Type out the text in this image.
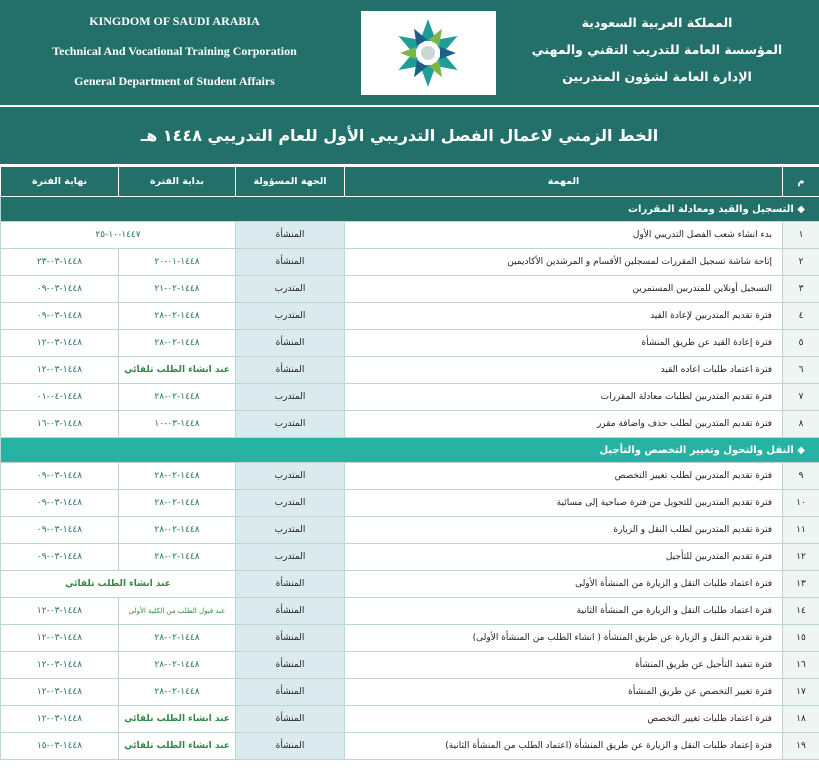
KINGDOM OF SAUDI ARABIA
Technical And Vocational Training Corporation
General Department of Student Affairs
المملكة العربية السعودية
المؤسسة العامة للتدريب التقني والمهني
الإدارة العامة لشؤون المتدربين
الخط الزمني لاعمال الفصل التدريبي الأول للعام التدريبي ١٤٤٨ هـ
نهاية الفترة	بداية الفترة	الجهة المسؤولة	المهمة	م
◆ التسجيل والقيد ومعادلة المقررات				
١٤٤٧-١٠-٢٥		المنشأة	بدء انشاء شعب الفصل التدريبي الأول	١
١٤٤٨-٠٣-٢٣	١٤٤٨-٠١-٢٠	المنشأة	إتاحة شاشة تسجيل المقررات لمسجلين الأقسام و المرشدين الأكاديمين	٢
١٤٤٨-٠٣-٠٩	١٤٤٨-٠٢-٢١	المتدرب	التسجيل أونلاين للمتدربين المستمرين	٣
١٤٤٨-٠٣-٠٩	١٤٤٨-٠٢-٢٨	المتدرب	فترة تقديم المتدربين لإعادة القيد	٤
١٤٤٨-٠٣-١٢	١٤٤٨-٠٢-٢٨	المنشأة	فترة إعادة القيد عن طريق المنشأة	٥
١٤٤٨-٠٣-١٢	عند انشاء الطلب تلقائي	المنشأة	فترة اعتماد طلبات اعاده القيد	٦
١٤٤٨-٠٤-٠١	١٤٤٨-٠٢-٢٨	المتدرب	فترة تقديم المتدربين لطلبات معادلة المقررات	٧
١٤٤٨-٠٣-١٦	١٤٤٨-٠٣-١٠	المتدرب	فترة تقديم المتدربين لطلب حذف واضافة مقرر	٨
◆ النقل والتحول وتغيير التخصص والتأجيل				
١٤٤٨-٠٣-٠٩	١٤٤٨-٠٢-٢٨	المتدرب	فترة تقديم المتدربين لطلب تغيير التخصص	٩
١٤٤٨-٠٣-٠٩	١٤٤٨-٠٢-٢٨	المتدرب	فترة تقديم المتدربين للتحويل من فترة صباحية إلى مسائية	١٠
١٤٤٨-٠٣-٠٩	١٤٤٨-٠٢-٢٨	المتدرب	فترة تقديم المتدربين لطلب النقل و الزيارة	١١
١٤٤٨-٠٣-٠٩	١٤٤٨-٠٢-٢٨	المتدرب	فترة تقديم المتدربين للتأجيل	١٢
عند انشاء الطلب تلقائي		المنشأة	فترة اعتماد طلبات النقل و الزيارة من المنشأة الأولى	١٣
١٤٤٨-٠٣-١٢	عند قبول الطلب من الكلية الأولى	المنشأة	فترة اعتماد طلبات النقل و الزيارة من المنشأة الثانية	١٤
١٤٤٨-٠٣-١٢	١٤٤٨-٠٢-٢٨	المنشأة	فترة تقديم النقل و الزيارة عن طريق المنشأة ( انشاء الطلب من المنشأة الأولى)	١٥
١٤٤٨-٠٣-١٢	١٤٤٨-٠٢-٢٨	المنشأة	فترة تنفيذ التأجيل عن طريق المنشأة	١٦
١٤٤٨-٠٣-١٢	١٤٤٨-٠٢-٢٨	المنشأة	فترة تغيير التخصص عن طريق المنشأة	١٧
١٤٤٨-٠٣-١٢	عند انشاء الطلب تلقائي	المنشأة	فترة اعتماد طلبات تغيير التخصص	١٨
١٤٤٨-٠٣-١٥	عند انشاء الطلب تلقائي	المنشأة	فترة إعتماد طلبات النقل و الزيارة عن طريق المنشأة (اعتماد الطلب من المنشأة الثانية)	١٩
